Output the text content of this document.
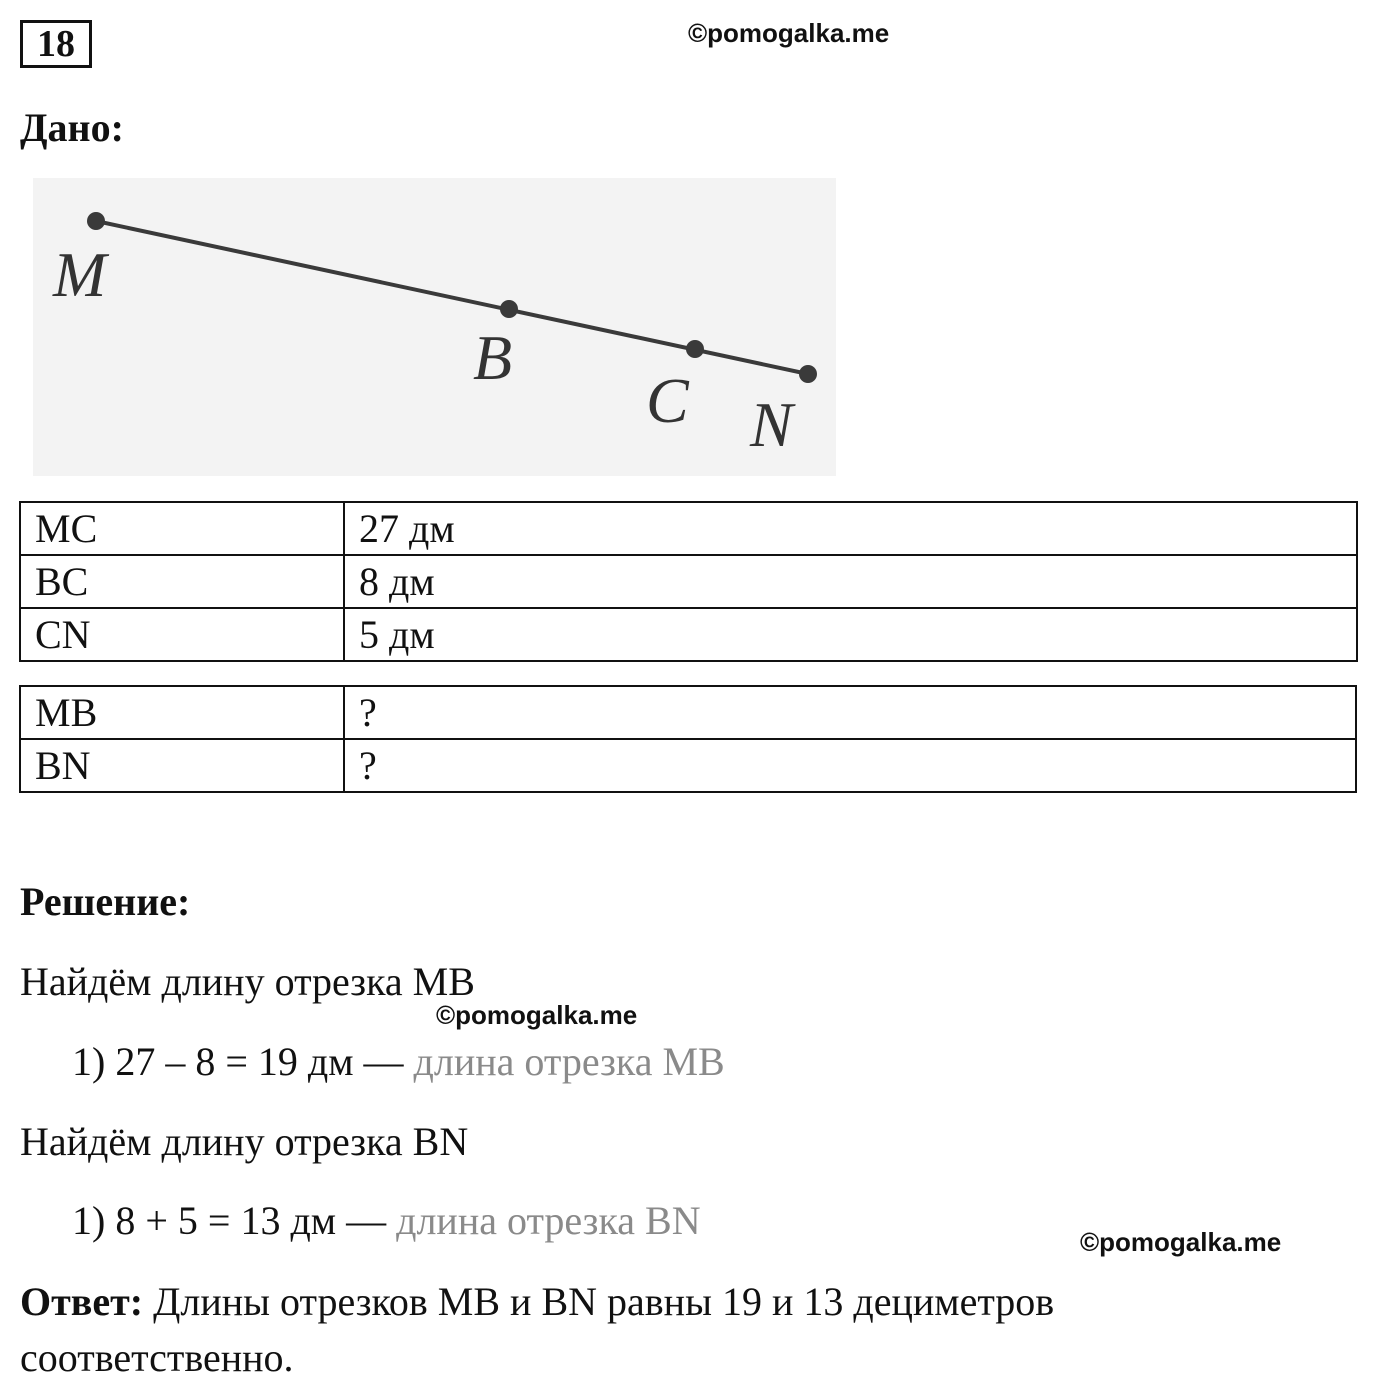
18	©pomogalka.me
Дано:
M
B
C N
MC	27 дм
BC	8 дм
CN	5 дм
MB	?
BN	?
Решение:
Найдём длину отрезка MB
©pomogalka.me
1) 27 – 8 = 19 дм — длина отрезка MB
Найдём длину отрезка BN
1) 8 + 5 = 13 дм — длина отрезка BN	©pomogalka.me
Ответ: Длины отрезков MB и BN равны 19 и 13 дециметров
соответственно.
